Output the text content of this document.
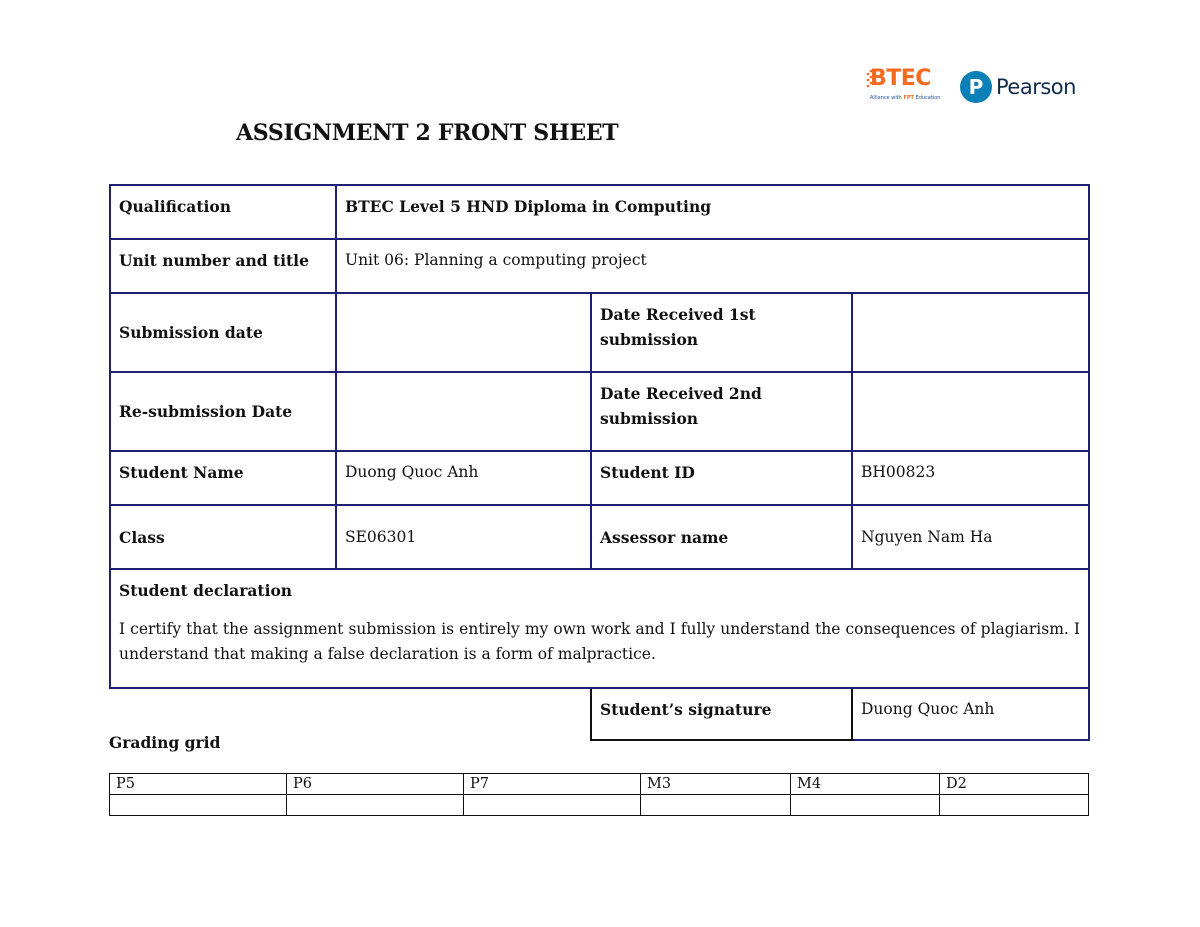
BTEC
Alliance with FPT Education P Pearson
ASSIGNMENT 2 FRONT SHEET
Qualification	BTEC Level 5 HND Diploma in Computing		
Unit number and title	Unit 06: Planning a computing project		
Submission date		Date Received 1st submission	
Re-submission Date		Date Received 2nd submission	
Student Name	Duong Quoc Anh	Student ID	BH00823
Class	SE06301	Assessor name	Nguyen Nam Ha

Student declaration
I certify that the assignment submission is entirely my own work and I fully understand the consequences of plagiarism. I understand that making a false declaration is a form of malpractice.			

		Student’s signature	Duong Quoc Anh
Grading grid
P5	P6	P7	M3	M4	D2
